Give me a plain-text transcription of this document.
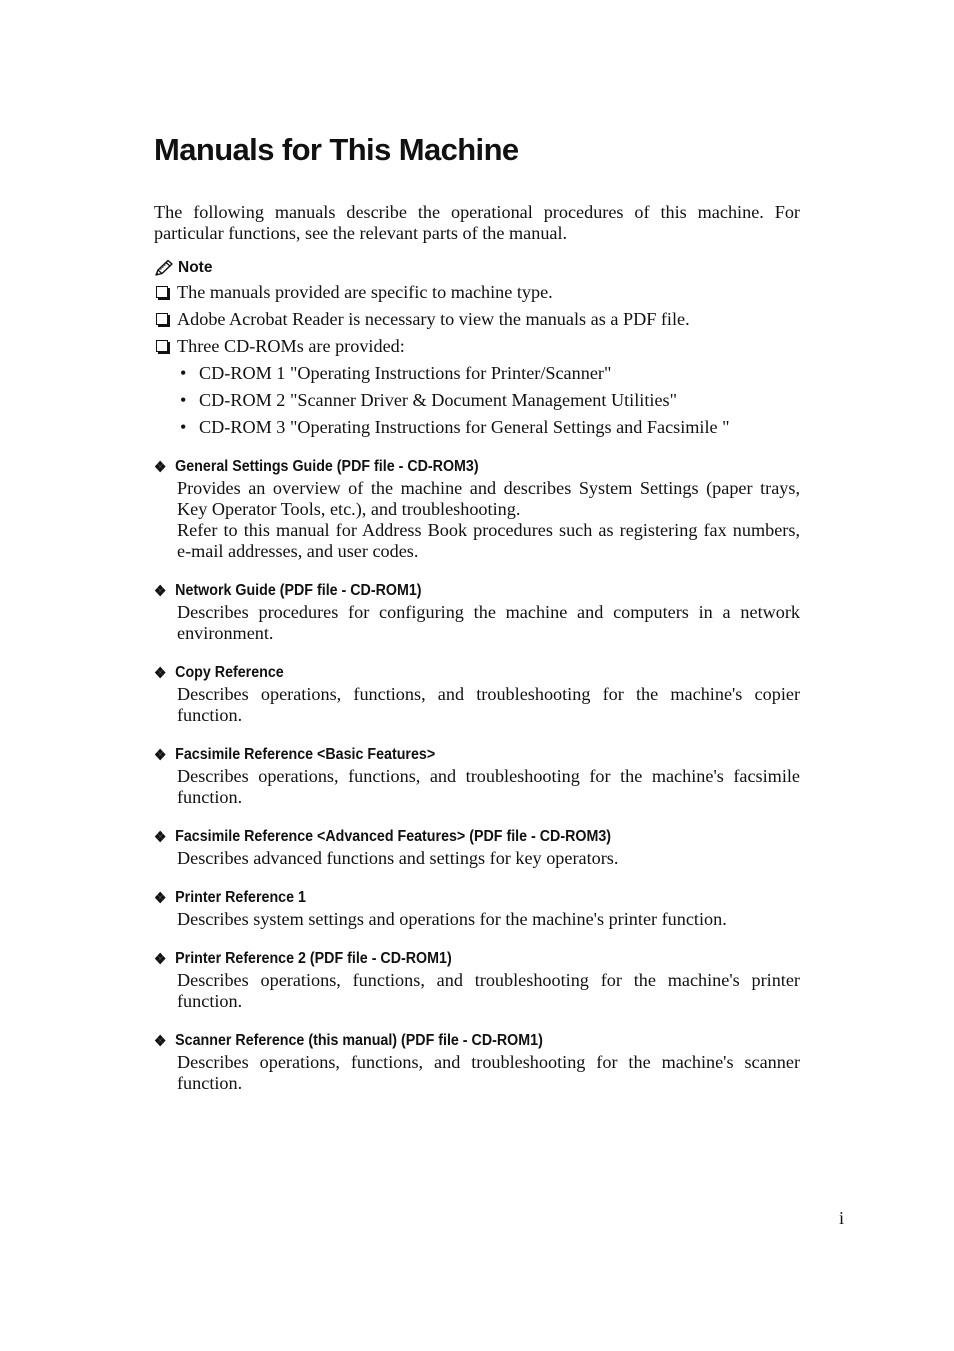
Manuals for This Machine

The following manuals describe the operational procedures of this machine. For particular functions, see the relevant parts of the manual.

Note
The manuals provided are specific to machine type.
Adobe Acrobat Reader is necessary to view the manuals as a PDF file.
Three CD-ROMs are provided:
• CD-ROM 1 "Operating Instructions for Printer/Scanner"
• CD-ROM 2 "Scanner Driver & Document Management Utilities"
• CD-ROM 3 "Operating Instructions for General Settings and Facsimile "
❖ General Settings Guide (PDF file - CD-ROM3)

Provides an overview of the machine and describes System Settings (paper trays, Key Operator Tools, etc.), and troubleshooting.

Refer to this manual for Address Book procedures such as registering fax numbers, e-mail addresses, and user codes.

❖ Network Guide (PDF file - CD-ROM1)

Describes procedures for configuring the machine and computers in a network environment.

❖ Copy Reference

Describes operations, functions, and troubleshooting for the machine's copier function.

❖ Facsimile Reference <Basic Features>

Describes operations, functions, and troubleshooting for the machine's facsimile function.

❖ Facsimile Reference <Advanced Features> (PDF file - CD-ROM3)

Describes advanced functions and settings for key operators.

❖ Printer Reference 1

Describes system settings and operations for the machine's printer function.

❖ Printer Reference 2 (PDF file - CD-ROM1)

Describes operations, functions, and troubleshooting for the machine's printer function.

❖ Scanner Reference (this manual) (PDF file - CD-ROM1)

Describes operations, functions, and troubleshooting for the machine's scanner function.

i
